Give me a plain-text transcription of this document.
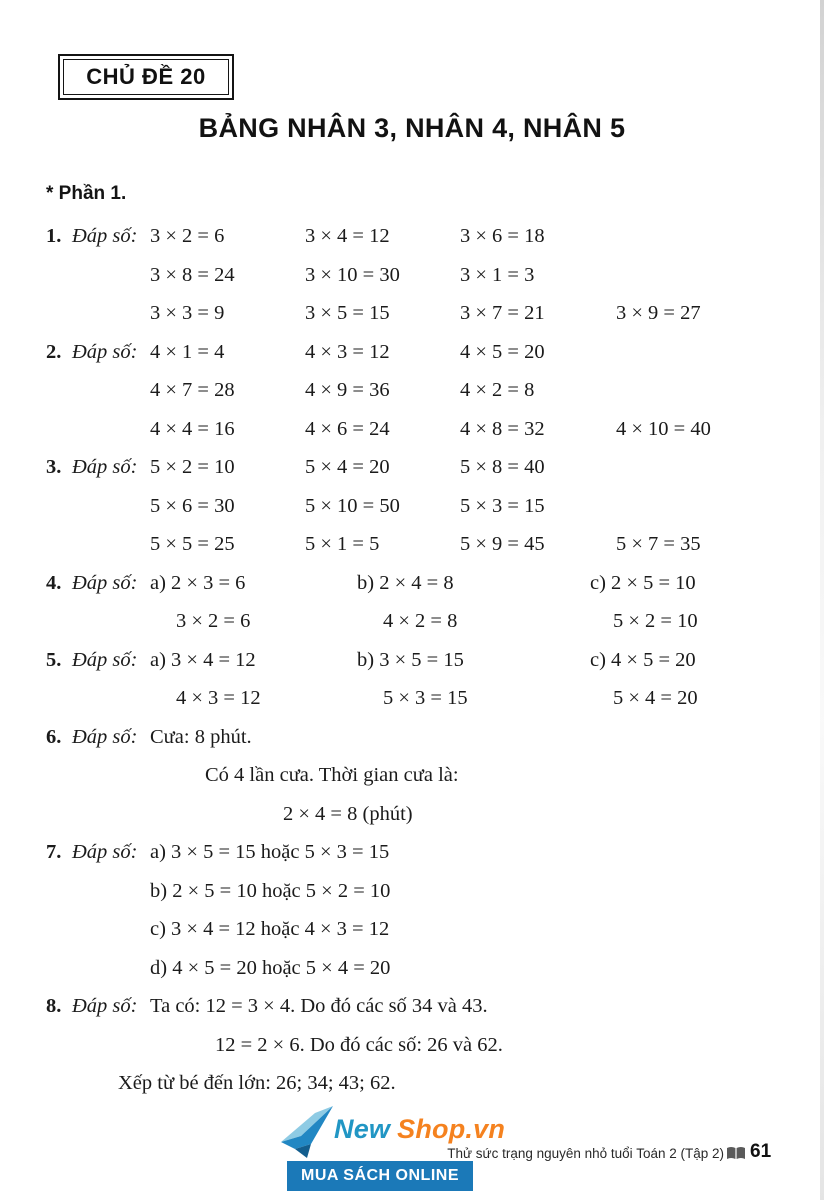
CHỦ ĐỀ 20
BẢNG NHÂN 3, NHÂN 4, NHÂN 5
* Phần 1.
1. Đáp số: 3 × 2 = 6	3 × 4 = 12	3 × 6 = 18
3 × 8 = 24	3 × 10 = 30	3 × 1 = 3
3 × 3 = 9	3 × 5 = 15	3 × 7 = 21	3 × 9 = 27
2. Đáp số: 4 × 1 = 4	4 × 3 = 12	4 × 5 = 20
4 × 7 = 28	4 × 9 = 36	4 × 2 = 8
4 × 4 = 16	4 × 6 = 24	4 × 8 = 32	4 × 10 = 40
3. Đáp số: 5 × 2 = 10	5 × 4 = 20	5 × 8 = 40
5 × 6 = 30	5 × 10 = 50	5 × 3 = 15
5 × 5 = 25	5 × 1 = 5	5 × 9 = 45	5 × 7 = 35
4. Đáp số: a) 2 × 3 = 6	b) 2 × 4 = 8	c) 2 × 5 = 10
3 × 2 = 6	4 × 2 = 8	5 × 2 = 10
5. Đáp số: a) 3 × 4 = 12	b) 3 × 5 = 15	c) 4 × 5 = 20
4 × 3 = 12	5 × 3 = 15	5 × 4 = 20
6. Đáp số: Cưa: 8 phút.
Có 4 lần cưa. Thời gian cưa là:
2 × 4 = 8 (phút)
7. Đáp số: a) 3 × 5 = 15 hoặc 5 × 3 = 15
b) 2 × 5 = 10 hoặc 5 × 2 = 10
c) 3 × 4 = 12 hoặc 4 × 3 = 12
d) 4 × 5 = 20 hoặc 5 × 4 = 20
8. Đáp số: Ta có: 12 = 3 × 4. Do đó các số 34 và 43.
12 = 2 × 6. Do đó các số: 26 và 62.
Xếp từ bé đến lớn: 26; 34; 43; 62.
New Shop.vn
Thử sức trạng nguyên nhỏ tuổi Toán 2 (Tập 2) 61
MUA SÁCH ONLINE
